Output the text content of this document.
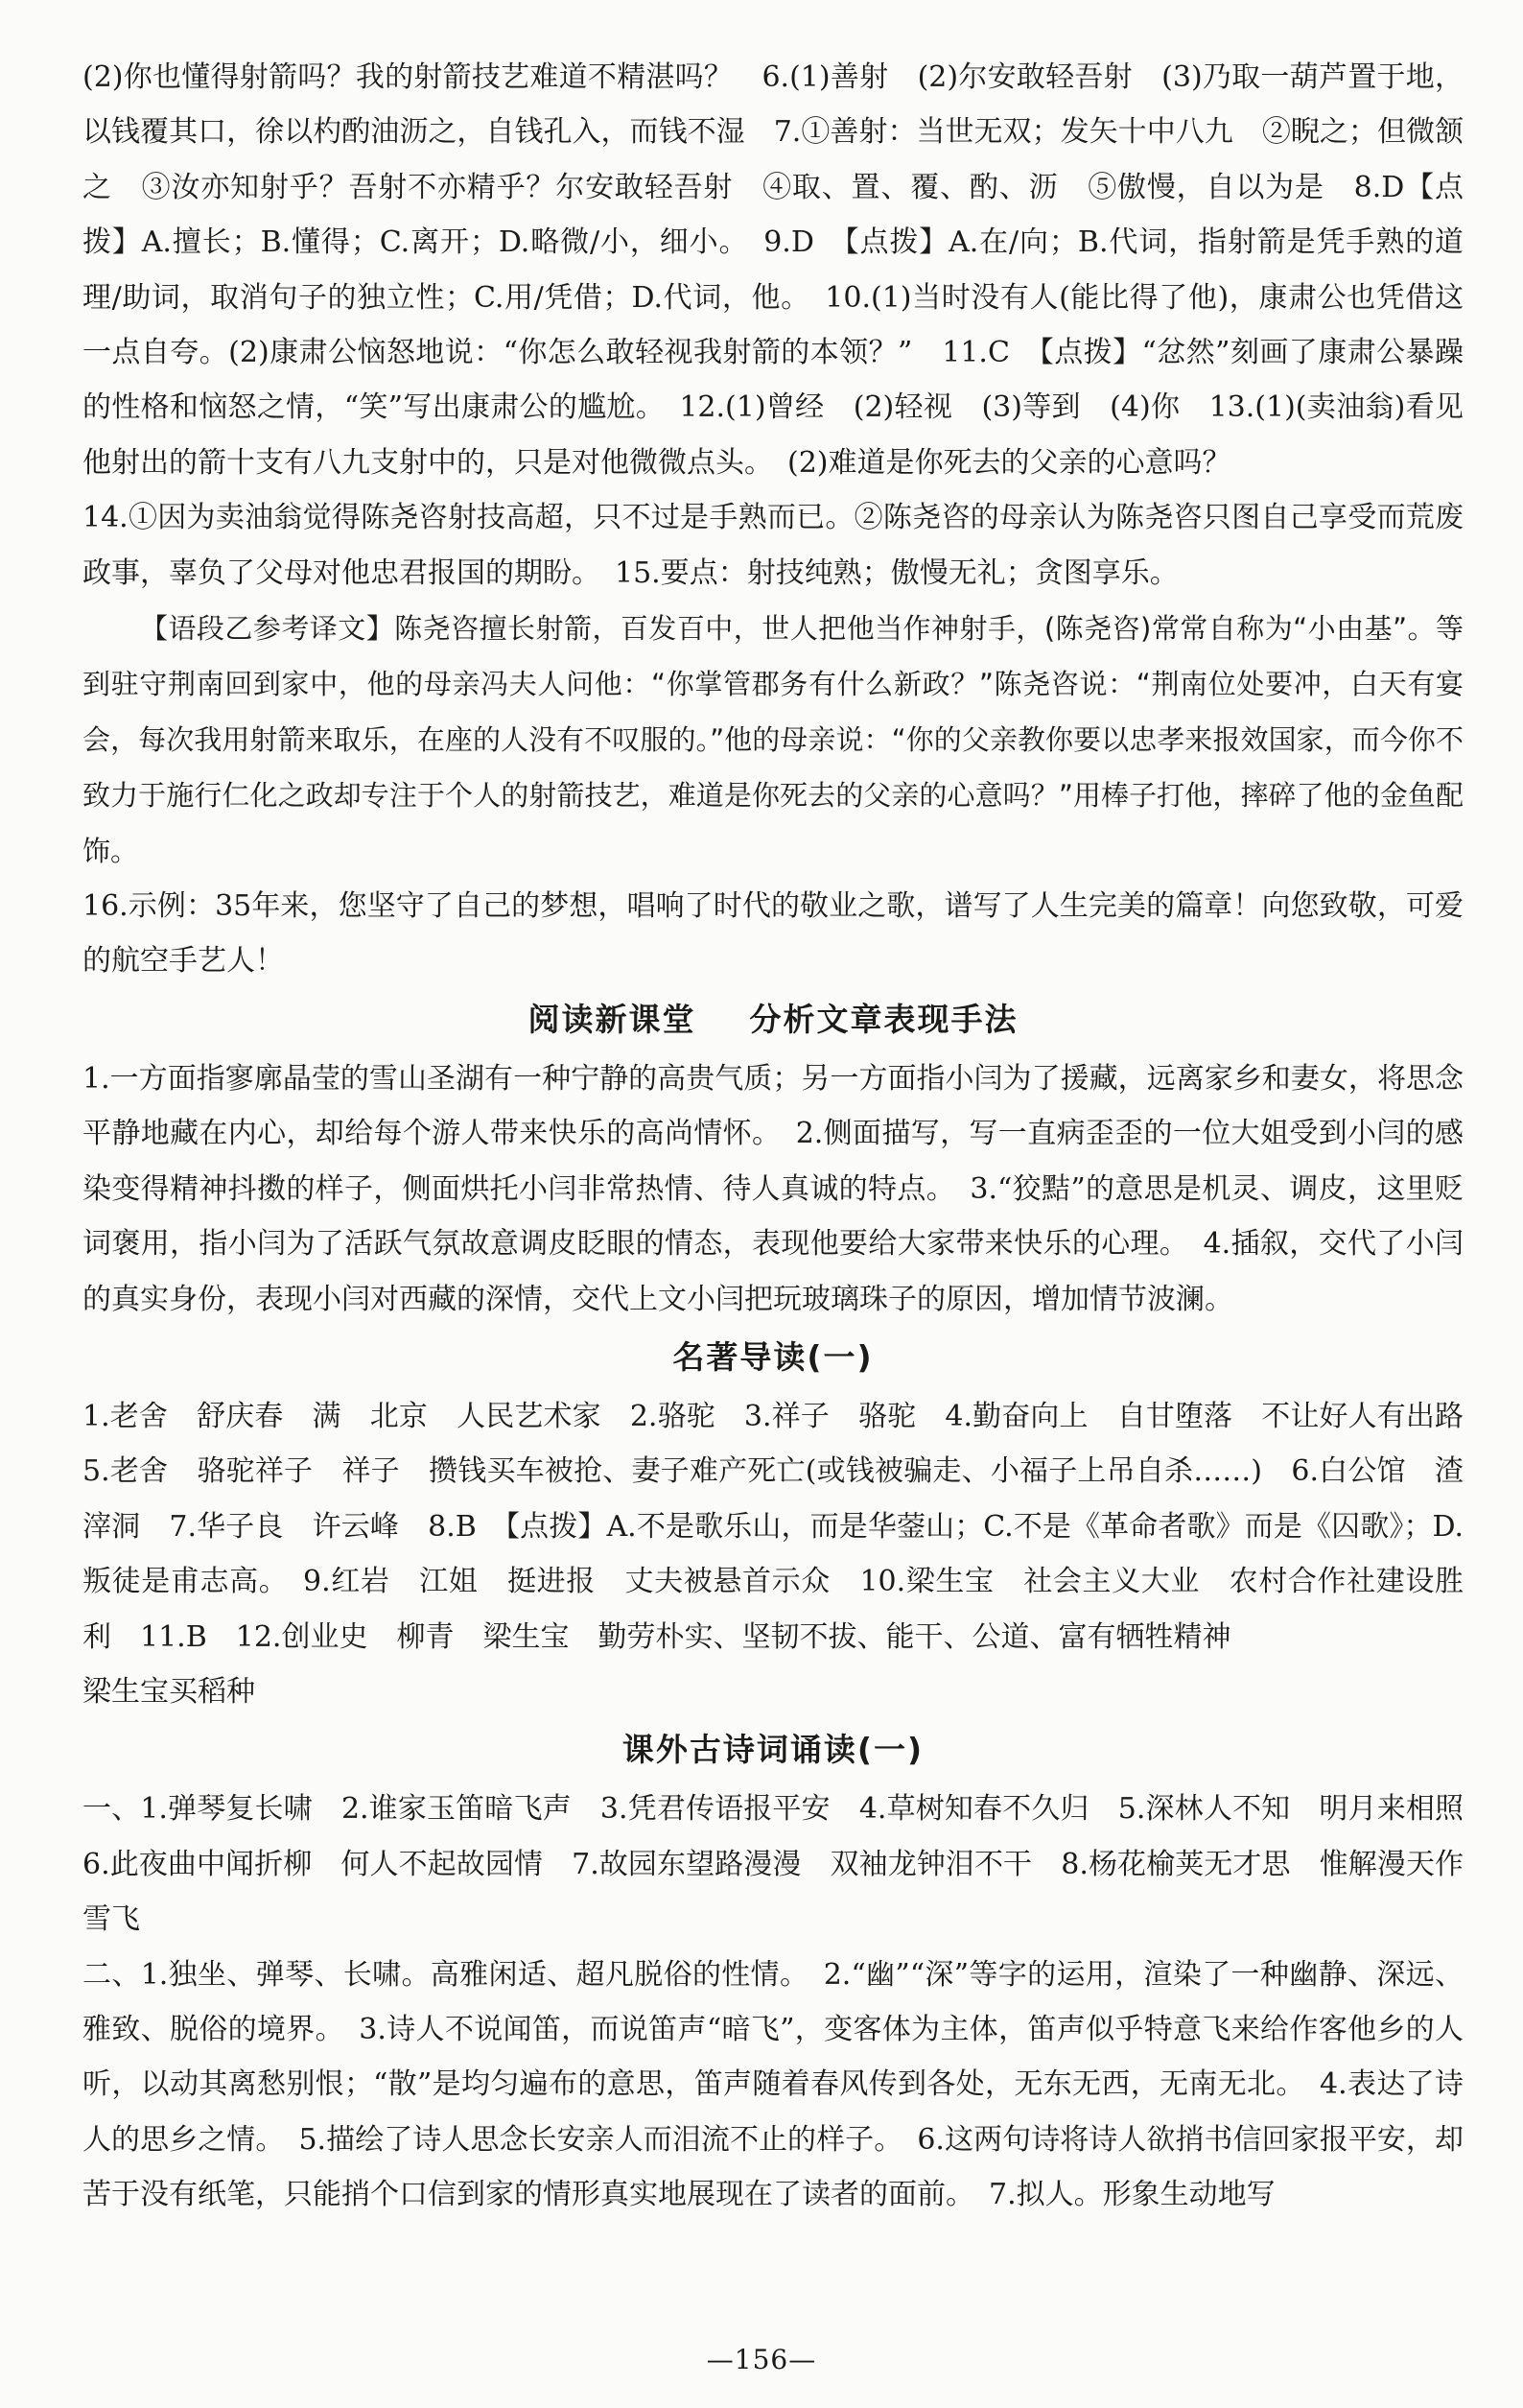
(2)你也懂得射箭吗？我的射箭技艺难道不精湛吗？　6.(1)善射　(2)尔安敢轻吾射　(3)乃取一葫芦置于地，以钱覆其口，徐以杓酌油沥之，自钱孔入，而钱不湿　7.①善射：当世无双；发矢十中八九　②睨之；但微颔之　③汝亦知射乎？吾射不亦精乎？尔安敢轻吾射　④取、置、覆、酌、沥　⑤傲慢，自以为是　8.D【点拨】A.擅长；B.懂得；C.离开；D.略微/小，细小。　9.D　【点拨】A.在/向；B.代词，指射箭是凭手熟的道理/助词，取消句子的独立性；C.用/凭借；D.代词，他。　10.(1)当时没有人(能比得了他)，康肃公也凭借这一点自夸。(2)康肃公恼怒地说：“你怎么敢轻视我射箭的本领？”　11.C　【点拨】“忿然”刻画了康肃公暴躁的性格和恼怒之情，“笑”写出康肃公的尴尬。　12.(1)曾经　(2)轻视　(3)等到　(4)你　13.(1)(卖油翁)看见他射出的箭十支有八九支射中的，只是对他微微点头。　(2)难道是你死去的父亲的心意吗？

14.①因为卖油翁觉得陈尧咨射技高超，只不过是手熟而已。②陈尧咨的母亲认为陈尧咨只图自己享受而荒废政事，辜负了父母对他忠君报国的期盼。　15.要点：射技纯熟；傲慢无礼；贪图享乐。

【语段乙参考译文】陈尧咨擅长射箭，百发百中，世人把他当作神射手，(陈尧咨)常常自称为“小由基”。等到驻守荆南回到家中，他的母亲冯夫人问他：“你掌管郡务有什么新政？”陈尧咨说：“荆南位处要冲，白天有宴会，每次我用射箭来取乐，在座的人没有不叹服的。”他的母亲说：“你的父亲教你要以忠孝来报效国家，而今你不致力于施行仁化之政却专注于个人的射箭技艺，难道是你死去的父亲的心意吗？”用棒子打他，摔碎了他的金鱼配饰。

16.示例：35年来，您坚守了自己的梦想，唱响了时代的敬业之歌，谱写了人生完美的篇章！向您致敬，可爱的航空手艺人！

阅读新课堂 分析文章表现手法

1.一方面指寥廓晶莹的雪山圣湖有一种宁静的高贵气质；另一方面指小闫为了援藏，远离家乡和妻女，将思念平静地藏在内心，却给每个游人带来快乐的高尚情怀。　2.侧面描写，写一直病歪歪的一位大姐受到小闫的感染变得精神抖擞的样子，侧面烘托小闫非常热情、待人真诚的特点。　3.“狡黠”的意思是机灵、调皮，这里贬词褒用，指小闫为了活跃气氛故意调皮眨眼的情态，表现他要给大家带来快乐的心理。　4.插叙，交代了小闫的真实身份，表现小闫对西藏的深情，交代上文小闫把玩玻璃珠子的原因，增加情节波澜。

名著导读(一)

1.老舍　舒庆春　满　北京　人民艺术家　2.骆驼　3.祥子　骆驼　4.勤奋向上　自甘堕落　不让好人有出路　5.老舍　骆驼祥子　祥子　攒钱买车被抢、妻子难产死亡(或钱被骗走、小福子上吊自杀……)　6.白公馆　渣滓洞　7.华子良　许云峰　8.B　【点拨】A.不是歌乐山，而是华蓥山；C.不是《革命者歌》而是《囚歌》；D.叛徒是甫志高。　9.红岩　江姐　挺进报　丈夫被悬首示众　10.梁生宝　社会主义大业　农村合作社建设胜利　11.B　12.创业史　柳青　梁生宝　勤劳朴实、坚韧不拔、能干、公道、富有牺牲精神

梁生宝买稻种

课外古诗词诵读(一)

一、1.弹琴复长啸　2.谁家玉笛暗飞声　3.凭君传语报平安　4.草树知春不久归　5.深林人不知　明月来相照　6.此夜曲中闻折柳　何人不起故园情　7.故园东望路漫漫　双袖龙钟泪不干　8.杨花榆荚无才思　惟解漫天作雪飞

二、1.独坐、弹琴、长啸。高雅闲适、超凡脱俗的性情。　2.“幽”“深”等字的运用，渲染了一种幽静、深远、雅致、脱俗的境界。　3.诗人不说闻笛，而说笛声“暗飞”，变客体为主体，笛声似乎特意飞来给作客他乡的人听，以动其离愁别恨；“散”是均匀遍布的意思，笛声随着春风传到各处，无东无西，无南无北。　4.表达了诗人的思乡之情。　5.描绘了诗人思念长安亲人而泪流不止的样子。　6.这两句诗将诗人欲捎书信回家报平安，却苦于没有纸笔，只能捎个口信到家的情形真实地展现在了读者的面前。　7.拟人。形象生动地写

—156—
